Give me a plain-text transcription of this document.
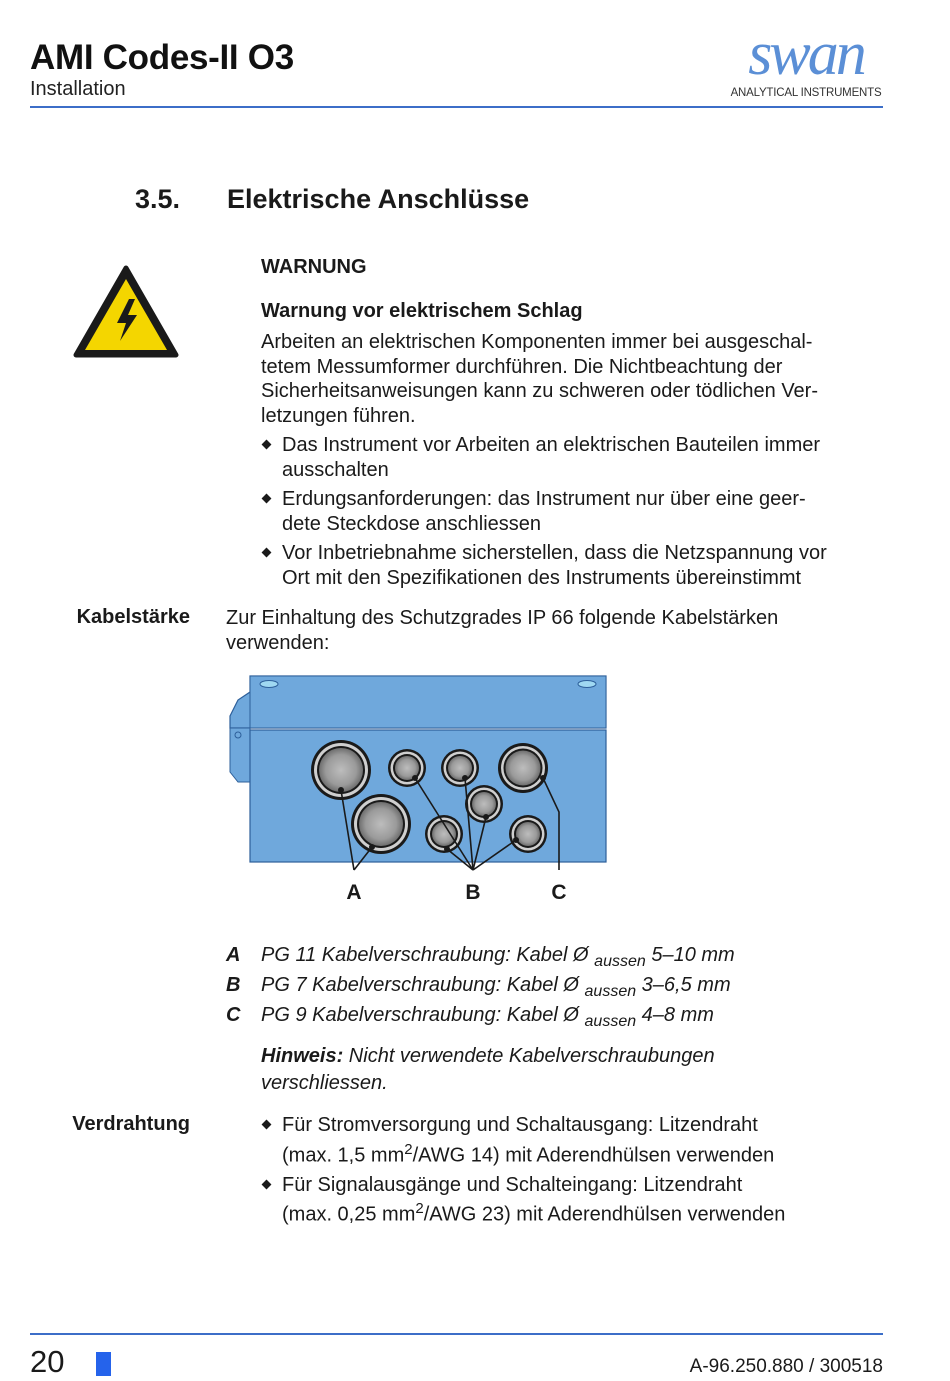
AMI Codes-II O3
Installation
swan
ANALYTICAL INSTRUMENTS
3.5. Elektrische Anschlüsse
WARNUNG
Warnung vor elektrischem Schlag
Arbeiten an elektrischen Komponenten immer bei ausgeschal-
tetem Messumformer durchführen. Die Nichtbeachtung der
Sicherheitsanweisungen kann zu schweren oder tödlichen Ver-
letzungen führen.
Das Instrument vor Arbeiten an elektrischen Bauteilen immer
ausschalten
Erdungsanforderungen: das Instrument nur über eine geer-
dete Steckdose anschliessen
Vor Inbetriebnahme sicherstellen, dass die Netzspannung vor
Ort mit den Spezifikationen des Instruments übereinstimmt
Kabelstärke Zur Einhaltung des Schutzgrades IP 66 folgende Kabelstärken
verwenden:
A	B	C
A PG 11 Kabelverschraubung: Kabel Ø $_{aussen}$ 5–10 mm
B PG 7 Kabelverschraubung: Kabel Ø $_{aussen}$ 3–6,5 mm
C PG 9 Kabelverschraubung: Kabel Ø $_{aussen}$ 4–8 mm
Hinweis: Nicht verwendete Kabelverschraubungen
verschliessen.
Verdrahtung	Für Stromversorgung und Schaltausgang: Litzendraht
(max. 1,5 $mm^2$/AWG 14) mit Aderendhülsen verwenden
Für Signalausgänge und Schalteingang: Litzendraht
(max. 0,25 $mm^2$/AWG 23) mit Aderendhülsen verwenden
20	A-96.250.880 / 300518
